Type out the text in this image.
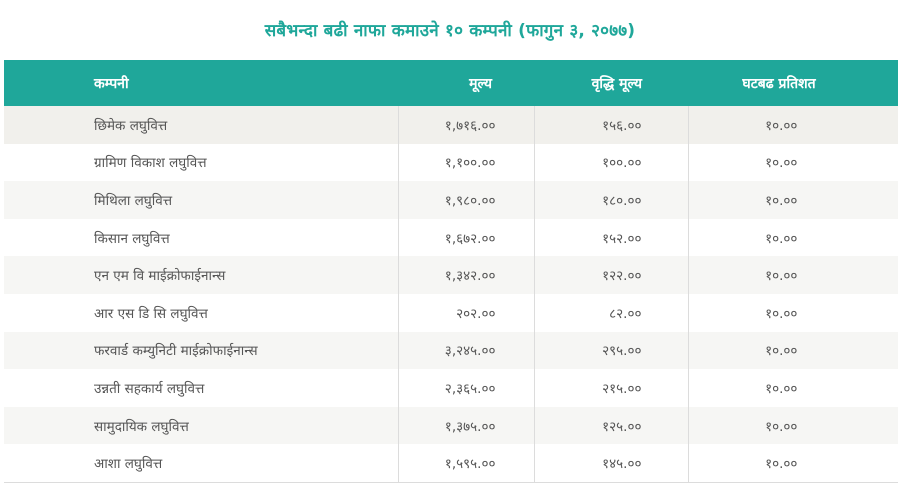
सबैभन्दा बढी नाफा कमाउने १० कम्पनी (फागुन ३, २०७७)
कम्पनी	मूल्य	वृद्धि मूल्य	घटबढ प्रतिशत
छिमेक लघुवित्त	१,७१६.००	१५६.००	१०.००
ग्रामिण विकाश लघुवित्त	१,१००.००	१००.००	१०.००
मिथिला लघुवित्त	१,९८०.००	१८०.००	१०.००
किसान लघुवित्त	१,६७२.००	१५२.००	१०.००
एन एम वि माईक्रोफाईनान्स	१,३४२.००	१२२.००	१०.००
आर एस डि सि लघुवित्त	२०२.००	८२.००	१०.००
फरवार्ड कम्युनिटी माईक्रोफाईनान्स	३,२४५.००	२९५.००	१०.००
उन्नती सहकार्य लघुवित्त	२,३६५.००	२१५.००	१०.००
सामुदायिक लघुवित्त	१,३७५.००	१२५.००	१०.००
आशा लघुवित्त	१,५९५.००	१४५.००	१०.००
